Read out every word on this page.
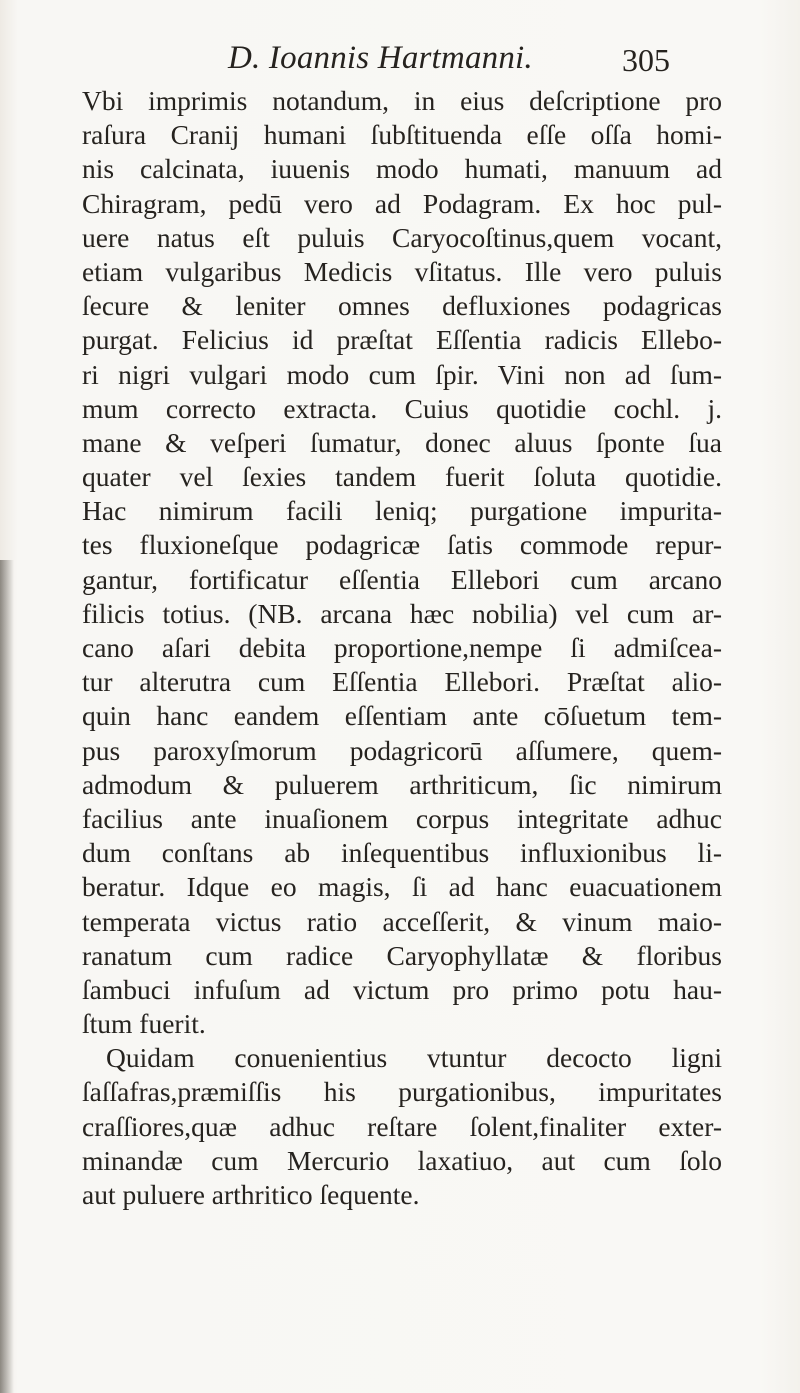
D. Ioannis Hartmanni.	305
Vbi imprimis notandum, in eius deſcriptione pro
raſura Cranij humani ſubſtituenda eſſe oſſa homi-
nis calcinata, iuuenis modo humati, manuum ad
Chiragram, pedū vero ad Podagram. Ex hoc pul-
uere natus eſt puluis Caryocoſtinus,quem vocant,
etiam vulgaribus Medicis vſitatus. Ille vero puluis
ſecure & leniter omnes defluxiones podagricas
purgat. Felicius id præſtat Eſſentia radicis Ellebo-
ri nigri vulgari modo cum ſpir. Vini non ad ſum-
mum correcto extracta. Cuius quotidie cochl. j.
mane & veſperi ſumatur, donec aluus ſponte ſua
quater vel ſexies tandem fuerit ſoluta quotidie.
Hac nimirum facili leniq; purgatione impurita-
tes fluxioneſque podagricæ ſatis commode repur-
gantur, fortificatur eſſentia Ellebori cum arcano
filicis totius. (NB. arcana hæc nobilia) vel cum ar-
cano aſari debita proportione,nempe ſi admiſcea-
tur alterutra cum Eſſentia Ellebori. Præſtat alio-
quin hanc eandem eſſentiam ante cōſuetum tem-
pus paroxyſmorum podagricorū aſſumere, quem-
admodum & puluerem arthriticum, ſic nimirum
facilius ante inuaſionem corpus integritate adhuc
dum conſtans ab inſequentibus influxionibus li-
beratur. Idque eo magis, ſi ad hanc euacuationem
temperata victus ratio acceſſerit, & vinum maio-
ranatum cum radice Caryophyllatæ & floribus
ſambuci infuſum ad victum pro primo potu hau-
ſtum fuerit.
Quidam conuenientius vtuntur decocto ligni
ſaſſafras,præmiſſis his purgationibus, impuritates
craſſiores,quæ adhuc reſtare ſolent,finaliter exter-
minandæ cum Mercurio laxatiuo, aut cum ſolo
aut puluere arthritico ſequente.
